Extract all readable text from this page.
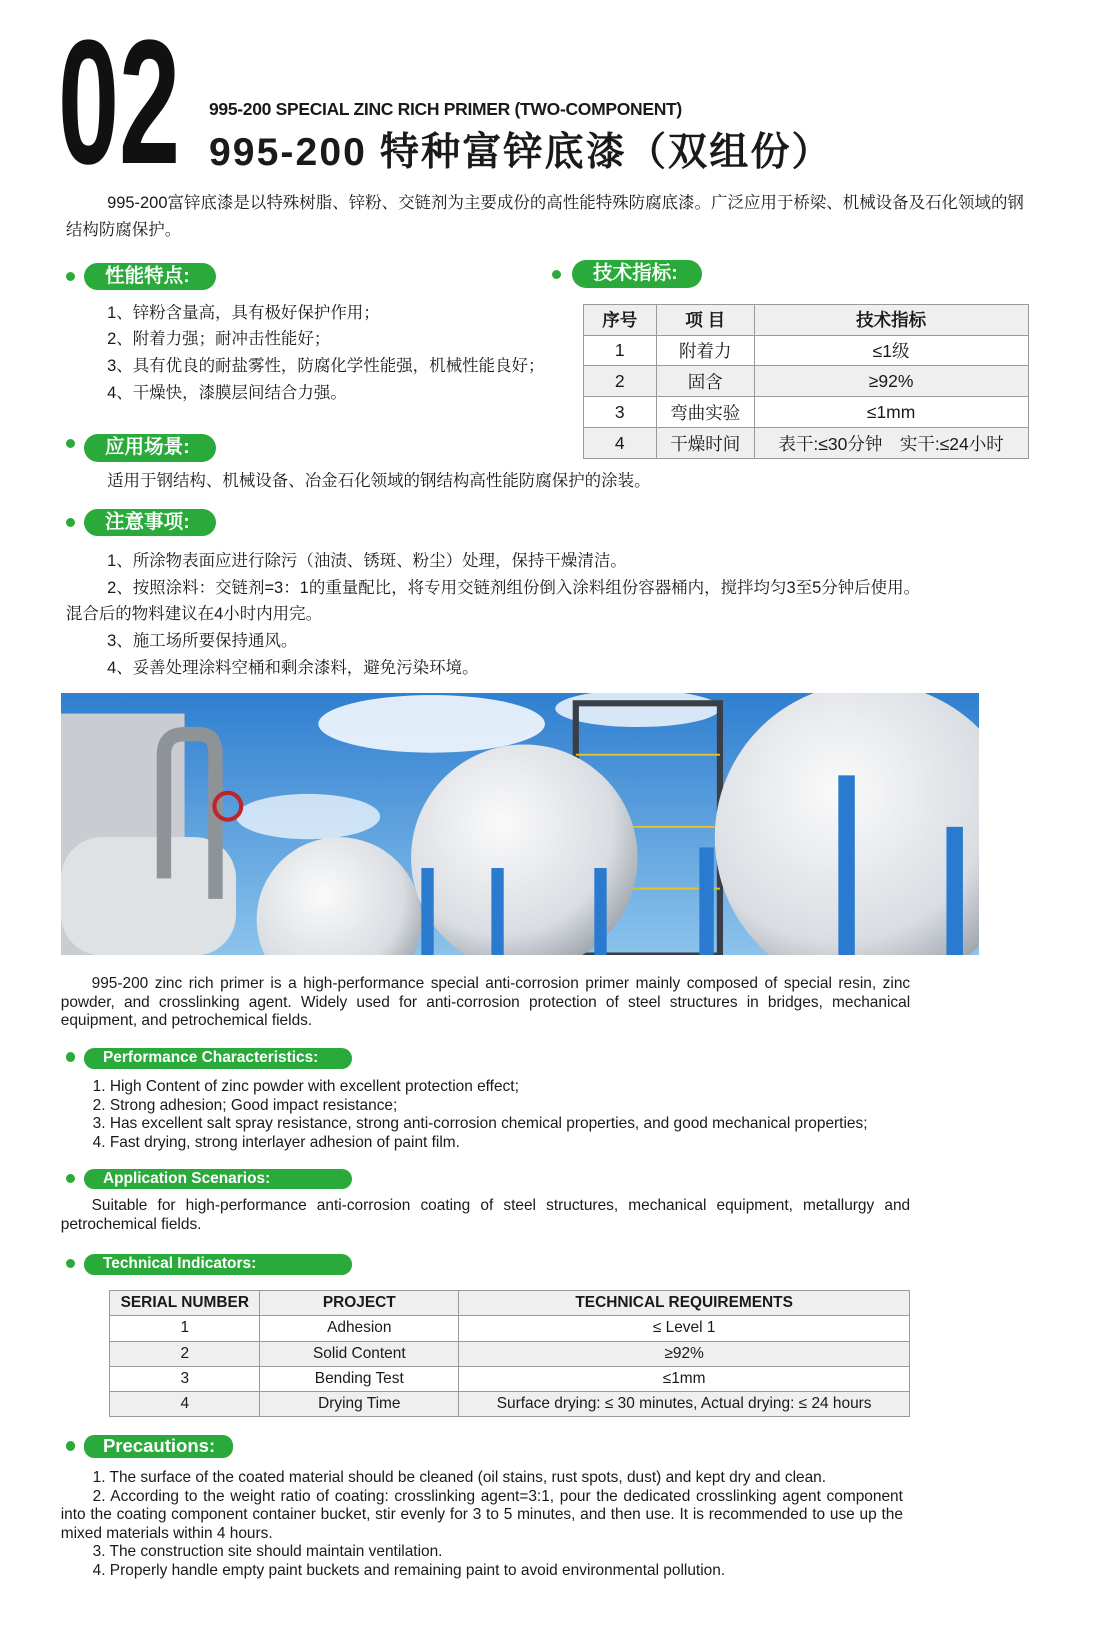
02 995-200 SPECIAL ZINC RICH PRIMER (TWO-COMPONENT)
995-200 特种富锌底漆（双组份）
995-200富锌底漆是以特殊树脂、锌粉、交链剂为主要成份的高性能特殊防腐底漆。广泛应用于桥梁、机械设备及石化领域的钢结构防腐保护。
性能特点:
1、锌粉含量高，具有极好保护作用；
2、附着力强；耐冲击性能好；
3、具有优良的耐盐雾性，防腐化学性能强，机械性能良好；
4、干燥快，漆膜层间结合力强。
技术指标:
序号	项 目	技术指标
1	附着力	≤1级
2	固含	≥92%
3	弯曲实验	≤1mm
4	干燥时间	表干:≤30分钟　实干:≤24小时
应用场景:
适用于钢结构、机械设备、冶金石化领域的钢结构高性能防腐保护的涂装。
注意事项:
1、所涂物表面应进行除污（油渍、锈斑、粉尘）处理，保持干燥清洁。
2、按照涂料：交链剂=3：1的重量配比，将专用交链剂组份倒入涂料组份容器桶内，搅拌均匀3至5分钟后使用。
混合后的物料建议在4小时内用完。
3、施工场所要保持通风。
4、妥善处理涂料空桶和剩余漆料，避免污染环境。
995-200 zinc rich primer is a high-performance special anti-corrosion primer mainly composed of special resin, zinc powder, and crosslinking agent. Widely used for anti-corrosion protection of steel structures in bridges, mechanical equipment, and petrochemical fields.
Performance Characteristics:
1. High Content of zinc powder with excellent protection effect;
2. Strong adhesion; Good impact resistance;
3. Has excellent salt spray resistance, strong anti-corrosion chemical properties, and good mechanical properties;
4. Fast drying, strong interlayer adhesion of paint film.
Application Scenarios:
Suitable for high-performance anti-corrosion coating of steel structures, mechanical equipment, metallurgy and petrochemical fields.
Technical Indicators:
SERIAL NUMBER	PROJECT	TECHNICAL REQUIREMENTS
1	Adhesion	≤ Level 1
2	Solid Content	≥92%
3	Bending Test	≤1mm
4	Drying Time	Surface drying: ≤ 30 minutes, Actual drying: ≤ 24 hours
Precautions:
1. The surface of the coated material should be cleaned (oil stains, rust spots, dust) and kept dry and clean.
2. According to the weight ratio of coating: crosslinking agent=3:1, pour the dedicated crosslinking agent component into the coating component container bucket, stir evenly for 3 to 5 minutes, and then use. It is recommended to use up the mixed materials within 4 hours.
3. The construction site should maintain ventilation.
4. Properly handle empty paint buckets and remaining paint to avoid environmental pollution.
